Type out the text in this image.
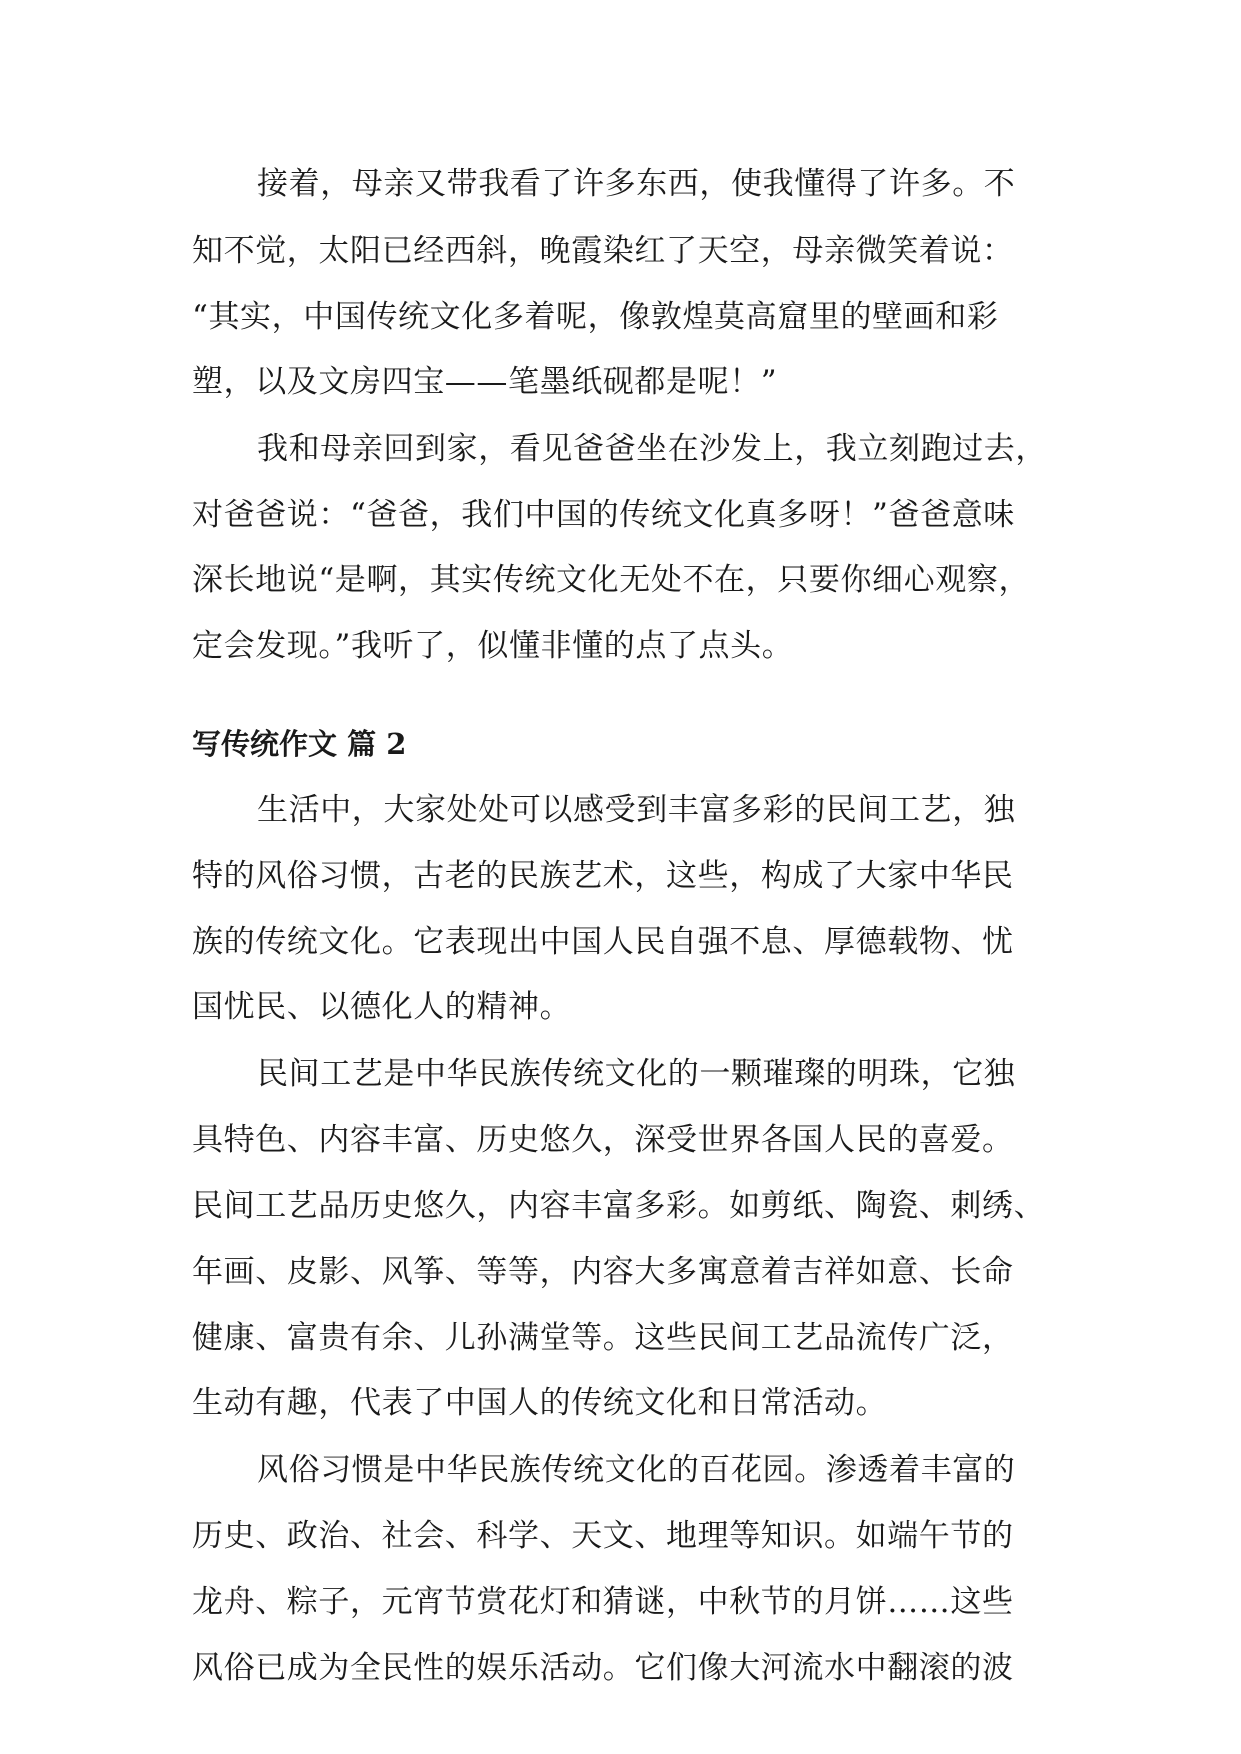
接着，母亲又带我看了许多东西，使我懂得了许多。不

知不觉，太阳已经西斜，晚霞染红了天空，母亲微笑着说：

“其实，中国传统文化多着呢，像敦煌莫高窟里的壁画和彩

塑，以及文房四宝——笔墨纸砚都是呢！”

我和母亲回到家，看见爸爸坐在沙发上，我立刻跑过去，

对爸爸说：“爸爸，我们中国的传统文化真多呀！”爸爸意味

深长地说“是啊，其实传统文化无处不在，只要你细心观察，

定会发现。”我听了，似懂非懂的点了点头。

写传统作文 篇 2

生活中，大家处处可以感受到丰富多彩的民间工艺，独

特的风俗习惯，古老的民族艺术，这些，构成了大家中华民

族的传统文化。它表现出中国人民自强不息、厚德载物、忧

国忧民、以德化人的精神。

民间工艺是中华民族传统文化的一颗璀璨的明珠，它独

具特色、内容丰富、历史悠久，深受世界各国人民的喜爱。

民间工艺品历史悠久，内容丰富多彩。如剪纸、陶瓷、刺绣、

年画、皮影、风筝、等等，内容大多寓意着吉祥如意、长命

健康、富贵有余、儿孙满堂等。这些民间工艺品流传广泛，

生动有趣，代表了中国人的传统文化和日常活动。

风俗习惯是中华民族传统文化的百花园。渗透着丰富的

历史、政治、社会、科学、天文、地理等知识。如端午节的

龙舟、粽子，元宵节赏花灯和猜谜，中秋节的月饼……这些

风俗已成为全民性的娱乐活动。它们像大河流水中翻滚的波
